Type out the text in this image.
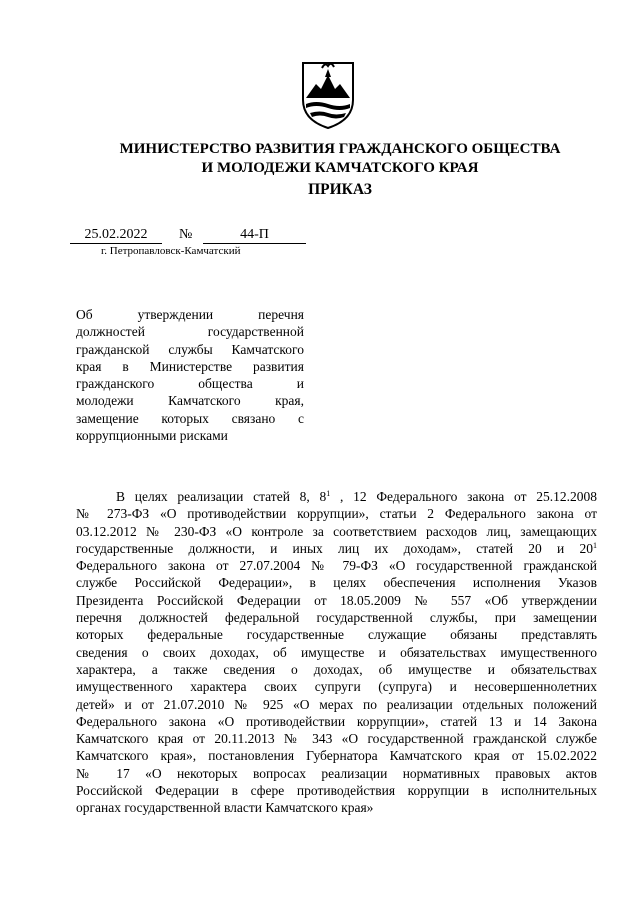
МИНИСТЕРСТВО РАЗВИТИЯ ГРАЖДАНСКОГО ОБЩЕСТВА
И МОЛОДЕЖИ КАМЧАТСКОГО КРАЯ
ПРИКАЗ
25.02.2022	№	44-П
г. Петропавловск-Камчатский
Об утверждении перечня
должностей государственной
гражданской службы Камчатского
края в Министерстве развития
гражданского общества и
молодежи Камчатского края,
замещение которых связано с
коррупционными рисками
В целях реализации статей 8, $8^1$ , 12 Федерального закона от 25.12.2008
№ 273-ФЗ «О противодействии коррупции», статьи 2 Федерального закона от
03.12.2012 № 230-ФЗ «О контроле за соответствием расходов лиц, замещающих
государственные должности, и иных лиц их доходам», статей 20 и $20^1$
Федерального закона от 27.07.2004 № 79-ФЗ «О государственной гражданской
службе Российской Федерации», в целях обеспечения исполнения Указов
Президента Российской Федерации от 18.05.2009 № 557 «Об утверждении
перечня должностей федеральной государственной службы, при замещении
которых федеральные государственные служащие обязаны представлять
сведения о своих доходах, об имуществе и обязательствах имущественного
характера, а также сведения о доходах, об имуществе и обязательствах
имущественного характера своих супруги (супруга) и несовершеннолетних
детей» и от 21.07.2010 № 925 «О мерах по реализации отдельных положений
Федерального закона «О противодействии коррупции», статей 13 и 14 Закона
Камчатского края от 20.11.2013 № 343 «О государственной гражданской службе
Камчатского края», постановления Губернатора Камчатского края от 15.02.2022
№ 17 «О некоторых вопросах реализации нормативных правовых актов
Российской Федерации в сфере противодействия коррупции в исполнительных
органах государственной власти Камчатского края»
